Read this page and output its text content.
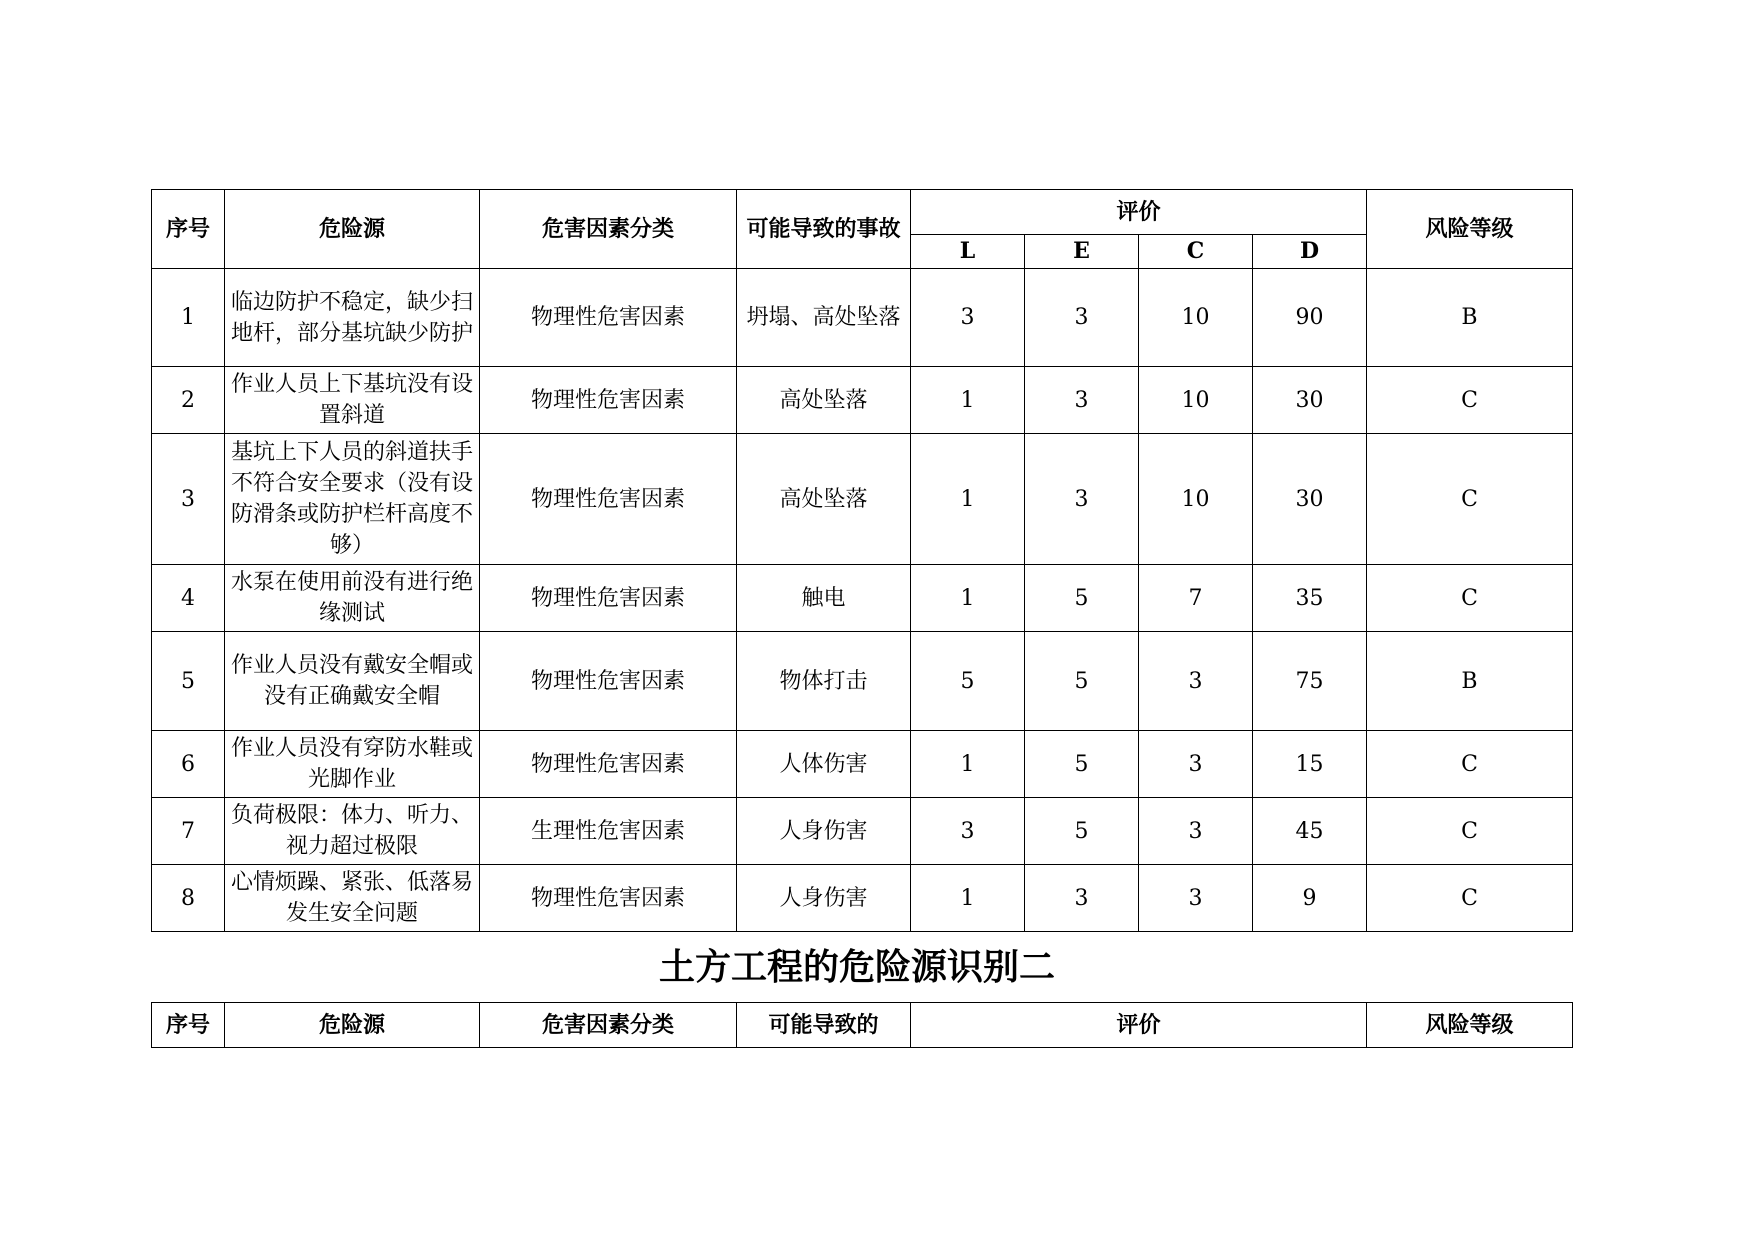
序号	危险源	危害因素分类	可能导致的事故	评价				风险等级
				L	E	C	D	
1	临边防护不稳定，缺少扫地杆，部分基坑缺少防护	物理性危害因素	坍塌、高处坠落	3	3	10	90	B
2	作业人员上下基坑没有设置斜道	物理性危害因素	高处坠落	1	3	10	30	C
3	基坑上下人员的斜道扶手不符合安全要求（没有设防滑条或防护栏杆高度不够）	物理性危害因素	高处坠落	1	3	10	30	C
4	水泵在使用前没有进行绝缘测试	物理性危害因素	触电	1	5	7	35	C
5	作业人员没有戴安全帽或没有正确戴安全帽	物理性危害因素	物体打击	5	5	3	75	B
6	作业人员没有穿防水鞋或光脚作业	物理性危害因素	人体伤害	1	5	3	15	C
7	负荷极限：体力、听力、视力超过极限	生理性危害因素	人身伤害	3	5	3	45	C
8	心情烦躁、紧张、低落易发生安全问题	物理性危害因素	人身伤害	1	3	3	9	C
土方工程的危险源识别二
序号	危险源	危害因素分类	可能导致的	评价	风险等级
